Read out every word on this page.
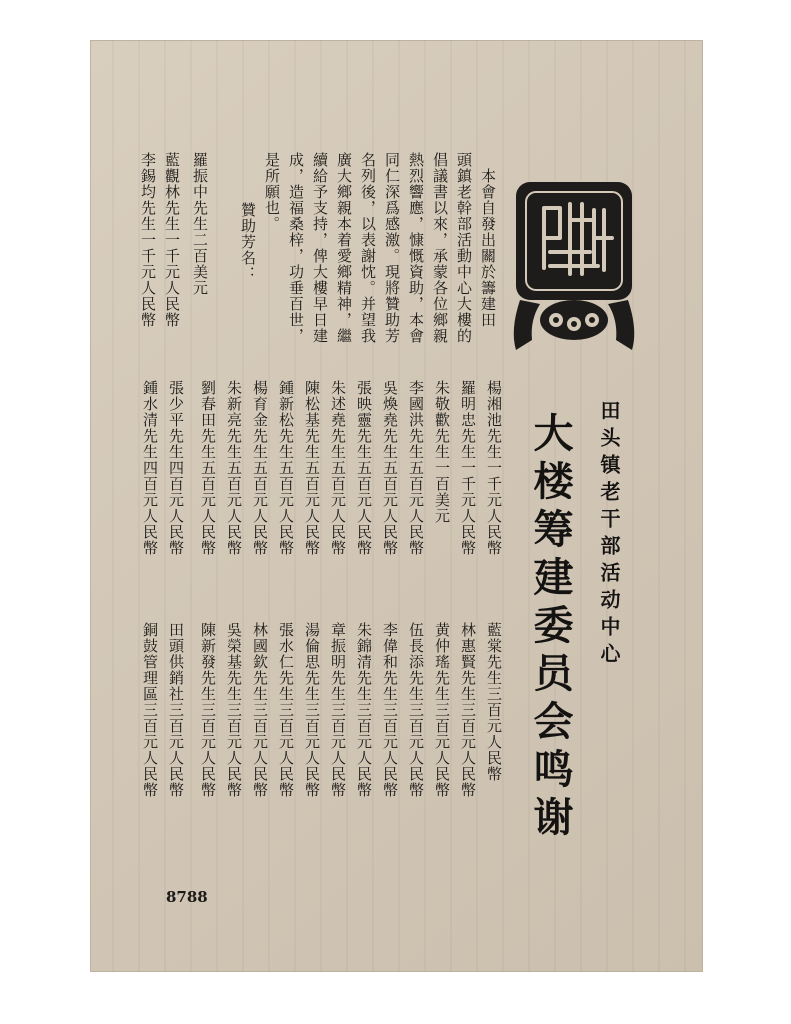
田头镇老干部活动中心
大楼筹建委员会鸣谢
本會自發出關於籌建田
頭鎮老幹部活動中心大樓的
倡議書以來，承蒙各位鄉親
熱烈響應，慷慨資助，本會
同仁深爲感激。現將贊助芳
名列後，以表謝忱。并望我
廣大鄉親本着愛鄉精神，繼
續給予支持，俾大樓早日建
成，造福桑梓，功垂百世，
是所願也。
贊助芳名：
羅振中先生二百美元
藍觀林先生一千元人民幣
李錫均先生一千元人民幣
楊湘池先生一千元人民幣
羅明忠先生一千元人民幣
朱敬歡先生一百美元
李國洪先生五百元人民幣
吳煥堯先生五百元人民幣
張映靈先生五百元人民幣
朱述堯先生五百元人民幣
陳松基先生五百元人民幣
鍾新松先生五百元人民幣
楊育金先生五百元人民幣
朱新亮先生五百元人民幣
劉春田先生五百元人民幣
張少平先生四百元人民幣
鍾水清先生四百元人民幣
藍棠先生三百元人民幣
林惠賢先生三百元人民幣
黄仲瑤先生三百元人民幣
伍長添先生三百元人民幣
李偉和先生三百元人民幣
朱錦清先生三百元人民幣
章振明先生三百元人民幣
湯倫思先生三百元人民幣
張水仁先生三百元人民幣
林國欽先生三百元人民幣
吳榮基先生三百元人民幣
陳新發先生三百元人民幣
田頭供銷社三百元人民幣
銅鼓管理區三百元人民幣
8788
